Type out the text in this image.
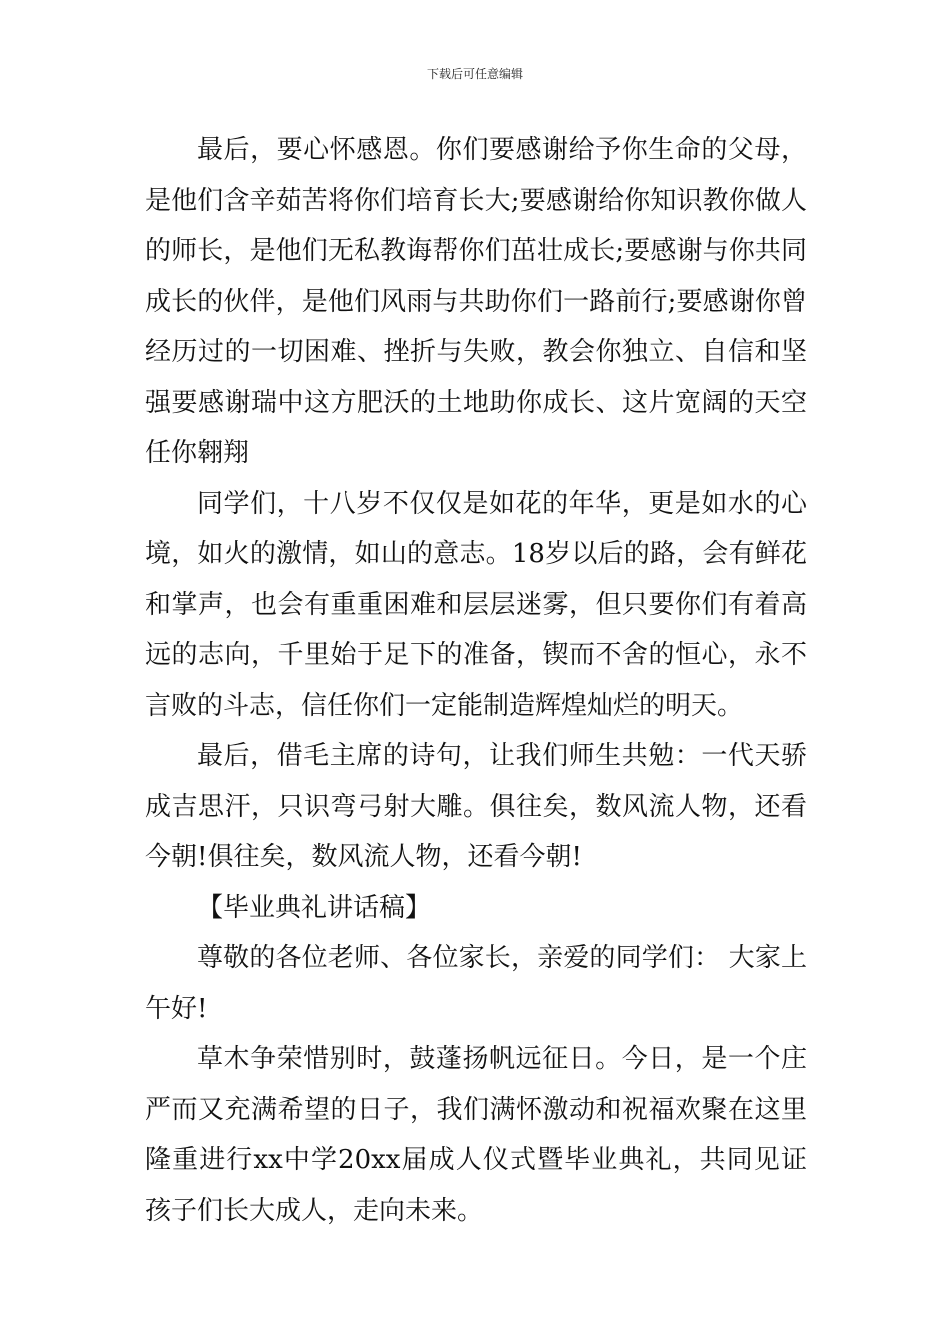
下载后可任意编辑

最后，要心怀感恩。你们要感谢给予你生命的父母，是他们含辛茹苦将你们培育长大;要感谢给你知识教你做人的师长，是他们无私教诲帮你们茁壮成长;要感谢与你共同成长的伙伴，是他们风雨与共助你们一路前行;要感谢你曾经历过的一切困难、挫折与失败，教会你独立、自信和坚强要感谢瑞中这方肥沃的土地助你成长、这片宽阔的天空任你翱翔

同学们，十八岁不仅仅是如花的年华，更是如水的心境，如火的激情，如山的意志。18岁以后的路，会有鲜花和掌声，也会有重重困难和层层迷雾，但只要你们有着高远的志向，千里始于足下的准备，锲而不舍的恒心，永不言败的斗志，信任你们一定能制造辉煌灿烂的明天。

最后，借毛主席的诗句，让我们师生共勉：一代天骄成吉思汗，只识弯弓射大雕。俱往矣，数风流人物，还看今朝!俱往矣，数风流人物，还看今朝!

【毕业典礼讲话稿】

尊敬的各位老师、各位家长，亲爱的同学们： 大家上午好!

草木争荣惜别时，鼓蓬扬帆远征日。今日，是一个庄严而又充满希望的日子，我们满怀激动和祝福欢聚在这里隆重进行xx中学20xx届成人仪式暨毕业典礼，共同见证孩子们长大成人，走向未来。
